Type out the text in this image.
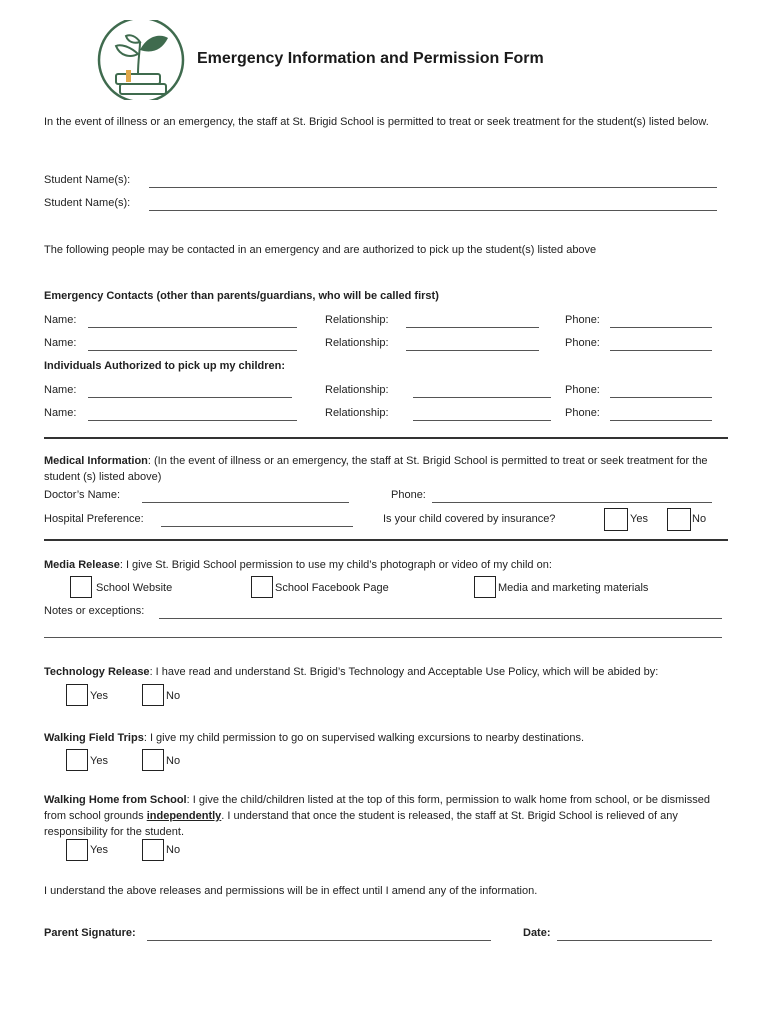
Emergency Information and Permission Form
In the event of illness or an emergency, the staff at St. Brigid School is permitted to treat or seek treatment for the student(s) listed below.
Student Name(s):
Student Name(s):
The following people may be contacted in an emergency and are authorized to pick up the student(s) listed above
Emergency Contacts (other than parents/guardians, who will be called first)
Name:	Relationship:	Phone:
Name:	Relationship:	Phone:
Individuals Authorized to pick up my children:
Name:	Relationship:	Phone:
Name:	Relationship:	Phone:
Medical Information: (In the event of illness or an emergency, the staff at St. Brigid School is permitted to treat or seek treatment for the student (s) listed above)
Doctor’s Name:	Phone:
Hospital Preference:	Is your child covered by insurance?	Yes	No
Media Release: I give St. Brigid School permission to use my child’s photograph or video of my child on:
School Website	School Facebook Page	Media and marketing materials
Notes or exceptions:
Technology Release: I have read and understand St. Brigid’s Technology and Acceptable Use Policy, which will be abided by:
Yes	No
Walking Field Trips: I give my child permission to go on supervised walking excursions to nearby destinations.
Yes	No
Walking Home from School: I give the child/children listed at the top of this form, permission to walk home from school, or be dismissed from school grounds independently. I understand that once the student is released, the staff at St. Brigid School is relieved of any responsibility for the student.
Yes	No
I understand the above releases and permissions will be in effect until I amend any of the information.
Parent Signature:	Date:
